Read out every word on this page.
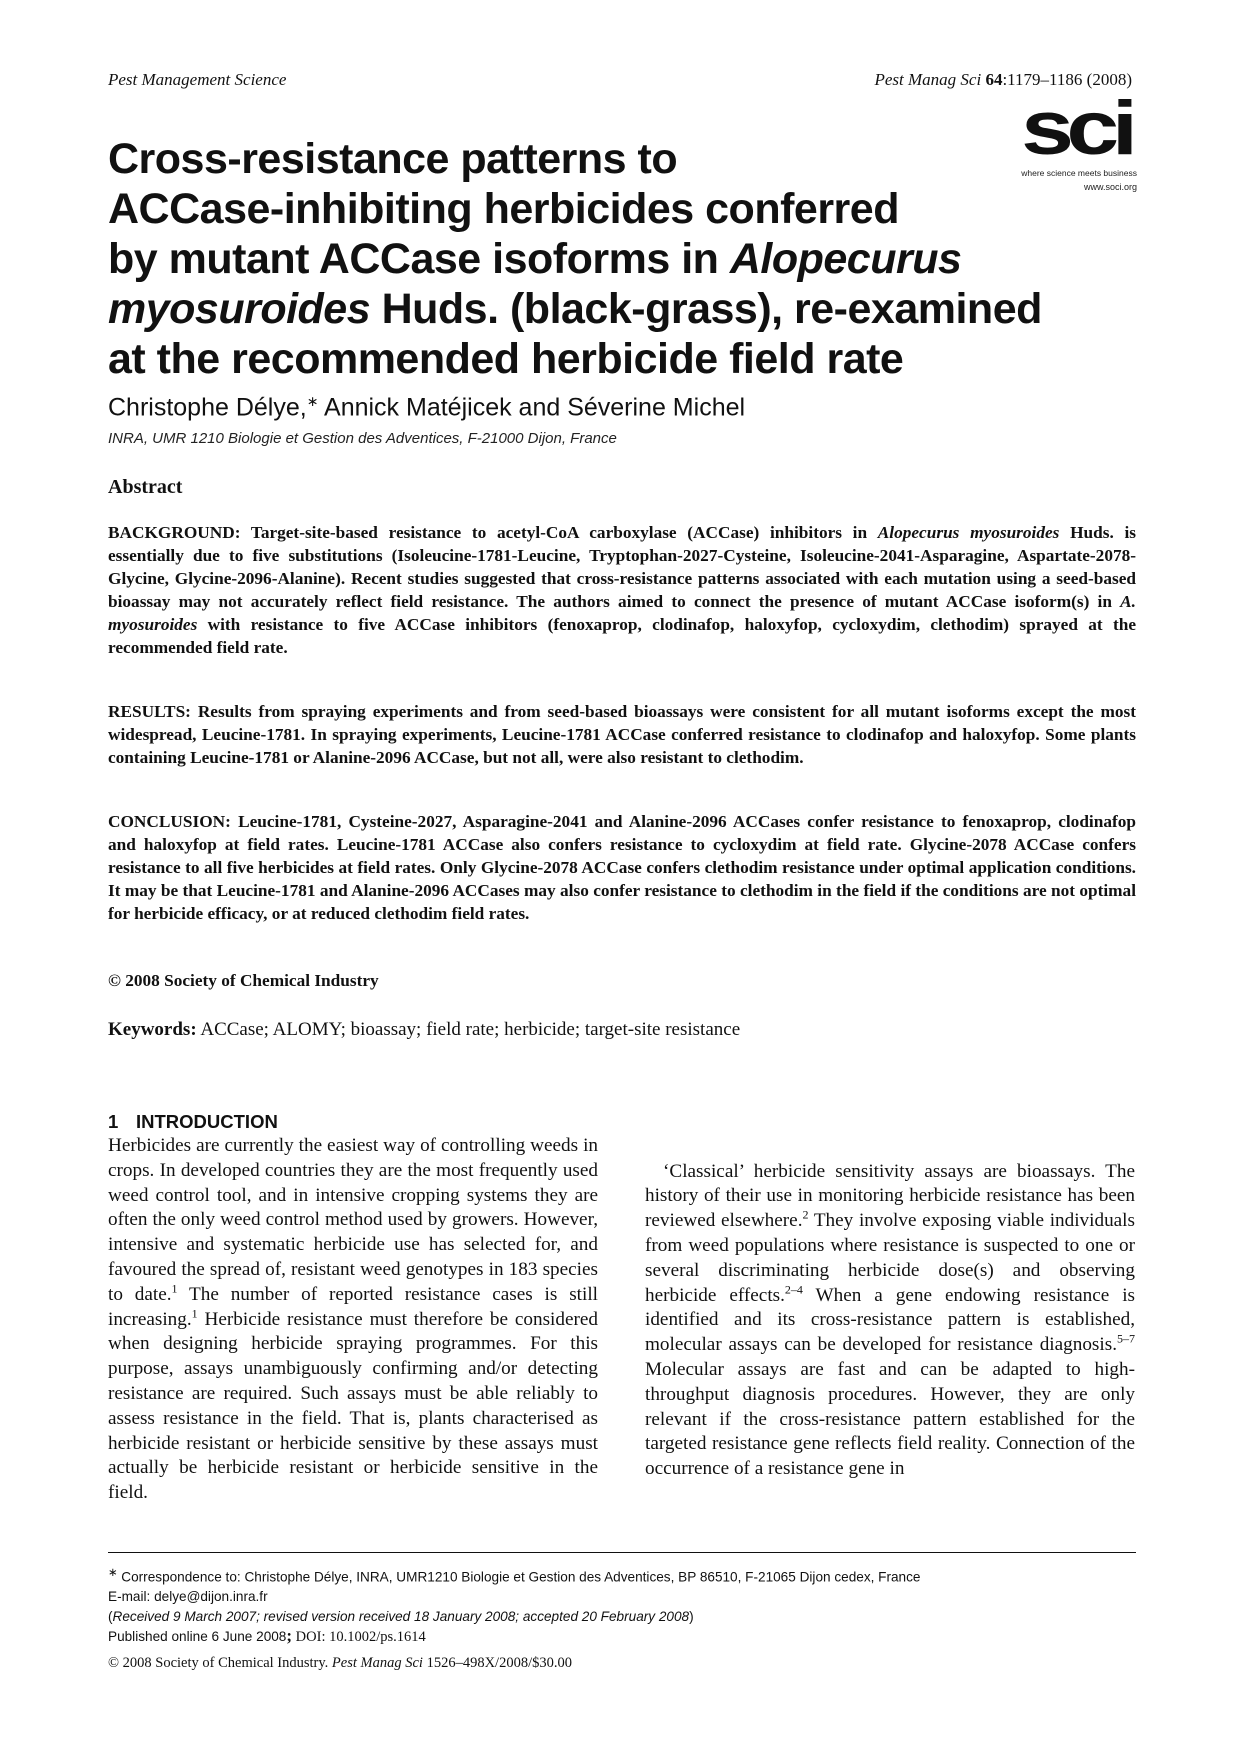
Pest Management Science	Pest Manag Sci 64:1179–1186 (2008)
sci
where science meets business
www.soci.org
Cross-resistance patterns to
ACCase-inhibiting herbicides conferred
by mutant ACCase isoforms in Alopecurus
myosuroides Huds. (black-grass), re-examined
at the recommended herbicide field rate
Christophe Délye,∗ Annick Matéjicek and Séverine Michel
INRA, UMR 1210 Biologie et Gestion des Adventices, F-21000 Dijon, France
Abstract

BACKGROUND: Target-site-based resistance to acetyl-CoA carboxylase (ACCase) inhibitors in Alopecurus myosuroides Huds. is essentially due to five substitutions (Isoleucine-1781-Leucine, Tryptophan-2027-Cysteine, Isoleucine-2041-Asparagine, Aspartate-2078-Glycine, Glycine-2096-Alanine). Recent studies suggested that cross-resistance patterns associated with each mutation using a seed-based bioassay may not accurately reflect field resistance. The authors aimed to connect the presence of mutant ACCase isoform(s) in A. myosuroides with resistance to five ACCase inhibitors (fenoxaprop, clodinafop, haloxyfop, cycloxydim, clethodim) sprayed at the recommended field rate.

RESULTS: Results from spraying experiments and from seed-based bioassays were consistent for all mutant isoforms except the most widespread, Leucine-1781. In spraying experiments, Leucine-1781 ACCase conferred resistance to clodinafop and haloxyfop. Some plants containing Leucine-1781 or Alanine-2096 ACCase, but not all, were also resistant to clethodim.

CONCLUSION: Leucine-1781, Cysteine-2027, Asparagine-2041 and Alanine-2096 ACCases confer resistance to fenoxaprop, clodinafop and haloxyfop at field rates. Leucine-1781 ACCase also confers resistance to cycloxydim at field rate. Glycine-2078 ACCase confers resistance to all five herbicides at field rates. Only Glycine-2078 ACCase confers clethodim resistance under optimal application conditions. It may be that Leucine-1781 and Alanine-2096 ACCases may also confer resistance to clethodim in the field if the conditions are not optimal for herbicide efficacy, or at reduced clethodim field rates.

© 2008 Society of Chemical Industry
Keywords: ACCase; ALOMY; bioassay; field rate; herbicide; target-site resistance
1 INTRODUCTION

Herbicides are currently the easiest way of controlling weeds in crops. In developed countries they are the most frequently used weed control tool, and in intensive cropping systems they are often the only weed control method used by growers. However, intensive and systematic herbicide use has selected for, and favoured the spread of, resistant weed genotypes in 183 species to date.$^1$ The number of reported resistance cases is still increasing.$^1$ Herbicide resistance must therefore be considered when designing herbicide spraying programmes. For this purpose, assays unambiguously confirming and/or detecting resistance are required. Such assays must be able reliably to assess resistance in the field. That is, plants characterised as herbicide resistant or herbicide sensitive by these assays must actually be herbicide resistant or herbicide sensitive in the field.

‘Classical’ herbicide sensitivity assays are bioassays. The history of their use in monitoring herbicide resistance has been reviewed elsewhere.$^2$ They involve exposing viable individuals from weed populations where resistance is suspected to one or several discriminating herbicide dose(s) and observing herbicide effects.$^{2-4}$ When a gene endowing resistance is identified and its cross-resistance pattern is established, molecular assays can be developed for resistance diagnosis.$^{5-7}$ Molecular assays are fast and can be adapted to high-throughput diagnosis procedures. However, they are only relevant if the cross-resistance pattern established for the targeted resistance gene reflects field reality. Connection of the occurrence of a resistance gene in

∗ Correspondence to: Christophe Délye, INRA, UMR1210 Biologie et Gestion des Adventices, BP 86510, F-21065 Dijon cedex, France
E-mail: delye@dijon.inra.fr
(Received 9 March 2007; revised version received 18 January 2008; accepted 20 February 2008)
Published online 6 June 2008; DOI: 10.1002/ps.1614
© 2008 Society of Chemical Industry. Pest Manag Sci 1526–498X/2008/$30.00
